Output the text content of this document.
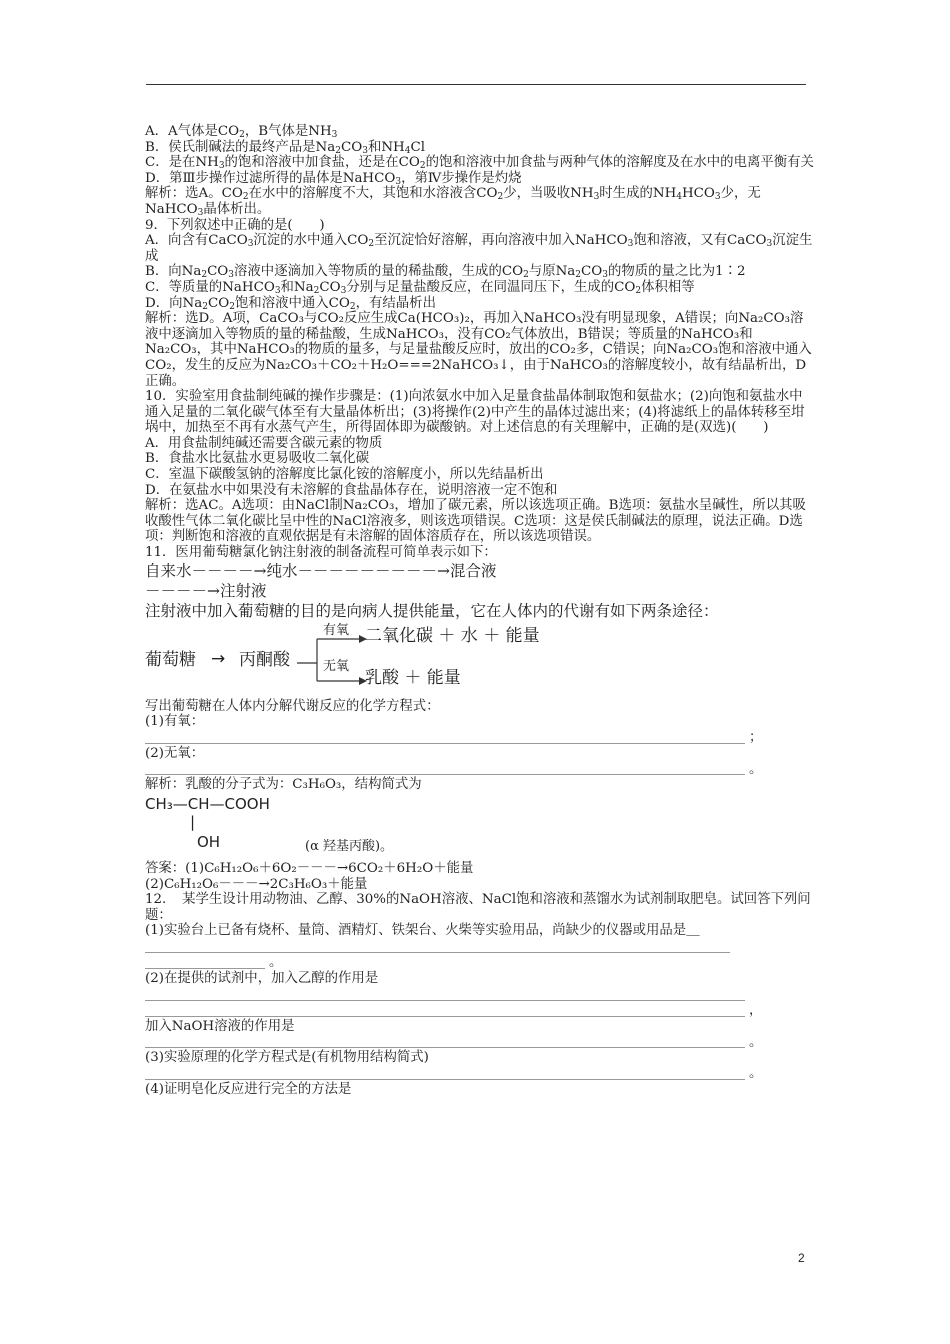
A．A气体是$CO_2$，B气体是$NH_3$

B．侯氏制碱法的最终产品是$Na_2CO_3$和$NH_4Cl$

C．是在$NH_3$的饱和溶液中加食盐，还是在$CO_2$的饱和溶液中加食盐与两种气体的溶解度及在水中的电离平衡有关

D．第Ⅲ步操作过滤所得的晶体是NaHCO$_3$，第Ⅳ步操作是灼烧

解析：选A。$CO_2$在水中的溶解度不大，其饱和水溶液含$CO_2$少，当吸收$NH_3$时生成的$NH_4HCO_3$少，无NaHCO$_3$晶体析出。

9．下列叙述中正确的是(　　)

A．向含有CaCO$_3$沉淀的水中通入$CO_2$至沉淀恰好溶解，再向溶液中加入NaHCO$_3$饱和溶液，又有CaCO$_3$沉淀生成

B．向$Na_2CO_3$溶液中逐滴加入等物质的量的稀盐酸，生成的$CO_2$与原$Na_2CO_3$的物质的量之比为1∶2

C．等质量的NaHCO$_3$和$Na_2CO_3$分别与足量盐酸反应，在同温同压下，生成的$CO_2$体积相等

D．向$Na_2CO_2$饱和溶液中通入$CO_2$，有结晶析出

解析：选D。A项，CaCO₃与CO₂反应生成Ca(HCO₃)₂，再加入NaHCO₃没有明显现象，A错误；向Na₂CO₃溶液中逐滴加入等物质的量的稀盐酸，生成NaHCO₃，没有CO₂气体放出，B错误；等质量的NaHCO₃和Na₂CO₃，其中NaHCO₃的物质的量多，与足量盐酸反应时，放出的CO₂多，C错误；向Na₂CO₃饱和溶液中通入CO₂，发生的反应为Na₂CO₃＋CO₂＋H₂O===2NaHCO₃↓，由于NaHCO₃的溶解度较小，故有结晶析出，D正确。

10．实验室用食盐制纯碱的操作步骤是：(1)向浓氨水中加入足量食盐晶体制取饱和氨盐水；(2)向饱和氨盐水中通入足量的二氧化碳气体至有大量晶体析出；(3)将操作(2)中产生的晶体过滤出来；(4)将滤纸上的晶体转移至坩埚中，加热至不再有水蒸气产生，所得固体即为碳酸钠。对上述信息的有关理解中，正确的是(双选)(　　)

A．用食盐制纯碱还需要含碳元素的物质

B．食盐水比氨盐水更易吸收二氧化碳

C．室温下碳酸氢钠的溶解度比氯化铵的溶解度小，所以先结晶析出

D．在氨盐水中如果没有未溶解的食盐晶体存在，说明溶液一定不饱和

解析：选AC。A选项：由NaCl制Na₂CO₃，增加了碳元素，所以该选项正确。B选项：氨盐水呈碱性，所以其吸收酸性气体二氧化碳比呈中性的NaCl溶液多，则该选项错误。C选项：这是侯氏制碱法的原理，说法正确。D选项：判断饱和溶液的直观依据是有未溶解的固体溶质存在，所以该选项错误。

11．医用葡萄糖氯化钠注射液的制备流程可简单表示如下：

自来水－－－－→纯水－－－－－－－－－→混合液

－－－－→注射液

注射液中加入葡萄糖的目的是向病人提供能量，它在人体内的代谢有如下两条途径：

葡萄糖 → 丙酮酸
有氧 二氧化碳 ＋ 水 ＋ 能量
无氧
乳酸 ＋ 能量

写出葡萄糖在人体内分解代谢反应的化学方程式：

(1)有氧：

；

(2)无氧：

。

解析：乳酸的分子式为：C₃H₆O₃，结构简式为

CH₃—CH—COOH
|
OH	(α 羟基丙酸)。

答案：(1)C₆H₁₂O₆＋6O₂－－－→6CO₂＋6H₂O＋能量

(2)C₆H₁₂O₆－－－→2C₃H₆O₃＋能量

12．　某学生设计用动物油、乙醇、30%的NaOH溶液、NaCl饱和溶液和蒸馏水为试剂制取肥皂。试回答下列问题：

(1)实验台上已备有烧杯、量筒、酒精灯、铁架台、火柴等实验用品，尚缺少的仪器或用品是＿

。

(2)在提供的试剂中，加入乙醇的作用是

，

加入NaOH溶液的作用是

。

(3)实验原理的化学方程式是(有机物用结构简式)

。

(4)证明皂化反应进行完全的方法是

2
